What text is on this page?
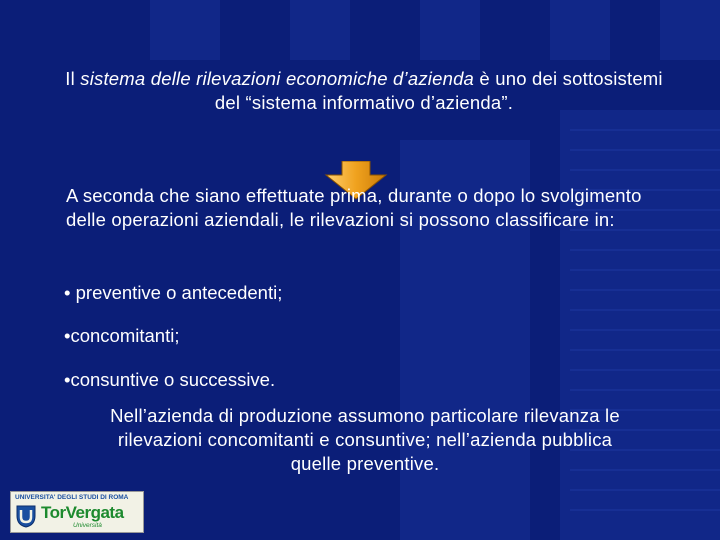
Il sistema delle rilevazioni economiche d’azienda è uno dei sottosistemi del “sistema informativo d’azienda”.
A seconda che siano effettuate prima, durante o dopo lo svolgimento delle operazioni aziendali, le rilevazioni si possono classificare in:
• preventive o antecedenti;
•concomitanti;
•consuntive o successive.
Nell’azienda di produzione assumono particolare rilevanza le rilevazioni concomitanti e consuntive; nell’azienda pubblica quelle preventive.
UNIVERSITA' DEGLI STUDI DI ROMA
TorVergata
Università
